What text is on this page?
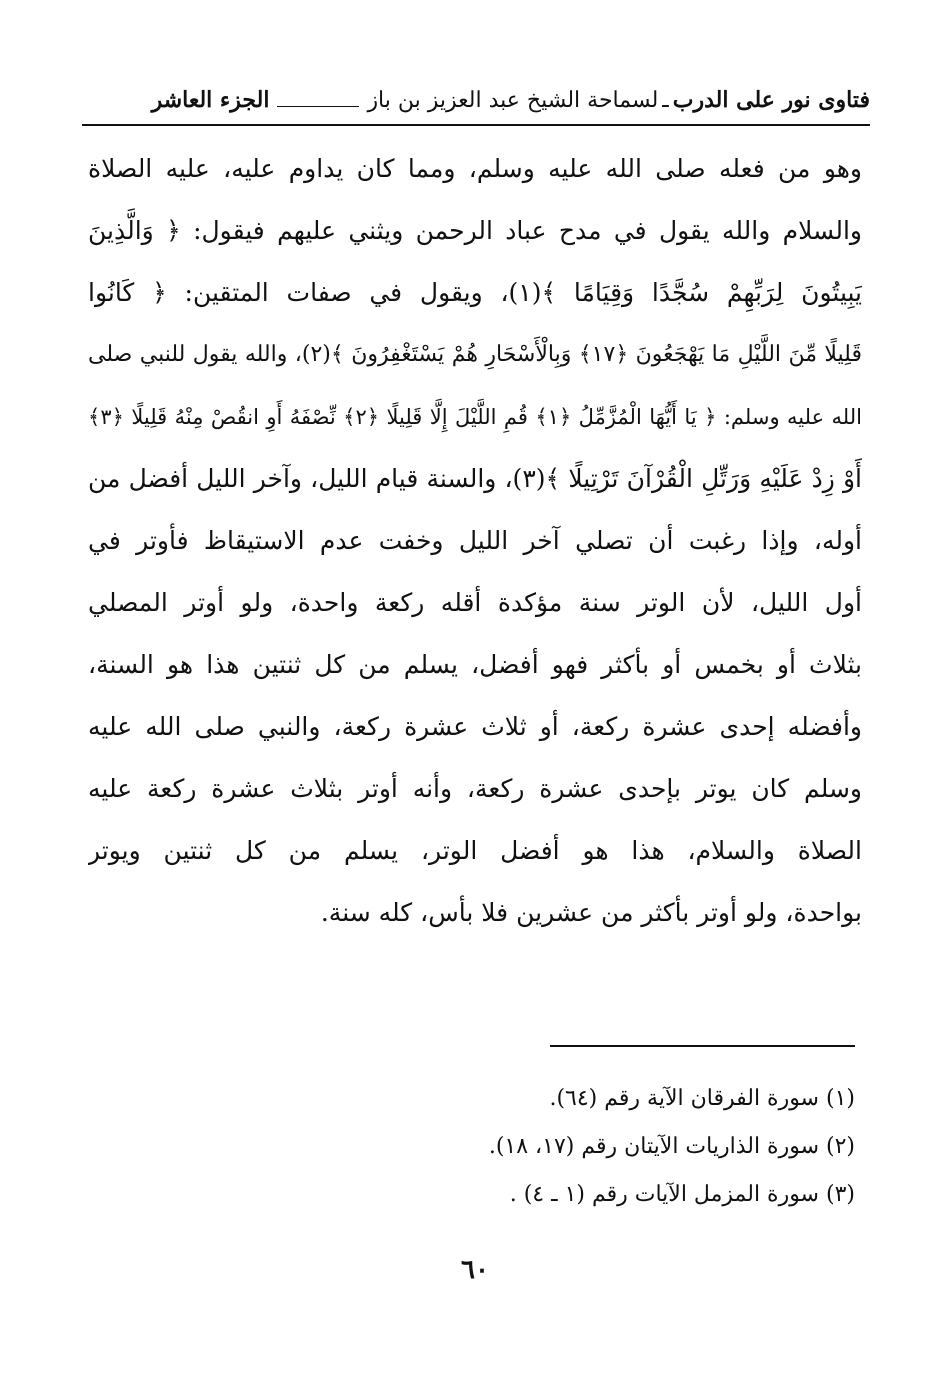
فتاوى نور على الدرب
ـ
لسماحة الشيخ عبد العزيز بن باز
الجزء العاشر
وهو من فعله صلى الله عليه وسلم، ومما كان يداوم عليه، عليه الصلاة
والسلام والله يقول في مدح عباد الرحمن ويثني عليهم فيقول: ﴿ وَالَّذِينَ
يَبِيتُونَ لِرَبِّهِمْ سُجَّدًا وَقِيَامًا ﴾(١)، ويقول في صفات المتقين: ﴿ كَانُوا
قَلِيلًا مِّنَ اللَّيْلِ مَا يَهْجَعُونَ ﴿١٧﴾ وَبِالْأَسْحَارِ هُمْ يَسْتَغْفِرُونَ ﴾(٢)، والله يقول للنبي صلى
الله عليه وسلم: ﴿ يَا أَيُّهَا الْمُزَّمِّلُ ﴿١﴾ قُمِ اللَّيْلَ إِلَّا قَلِيلًا ﴿٢﴾ نِّصْفَهُ أَوِ انقُصْ مِنْهُ قَلِيلًا ﴿٣﴾
أَوْ زِدْ عَلَيْهِ وَرَتِّلِ الْقُرْآنَ تَرْتِيلًا ﴾(٣)، والسنة قيام الليل، وآخر الليل أفضل من
أوله، وإذا رغبت أن تصلي آخر الليل وخفت عدم الاستيقاظ فأوتر في
أول الليل، لأن الوتر سنة مؤكدة أقله ركعة واحدة، ولو أوتر المصلي
بثلاث أو بخمس أو بأكثر فهو أفضل، يسلم من كل ثنتين هذا هو السنة،
وأفضله إحدى عشرة ركعة، أو ثلاث عشرة ركعة، والنبي صلى الله عليه
وسلم كان يوتر بإحدى عشرة ركعة، وأنه أوتر بثلاث عشرة ركعة عليه
الصلاة والسلام، هذا هو أفضل الوتر، يسلم من كل ثنتين ويوتر
بواحدة، ولو أوتر بأكثر من عشرين فلا بأس، كله سنة.
(١) سورة الفرقان الآية رقم (٦٤).
(٢) سورة الذاريات الآيتان رقم (١٧، ١٨).
(٣) سورة المزمل الآيات رقم (١ ـ ٤) .
٦٠
